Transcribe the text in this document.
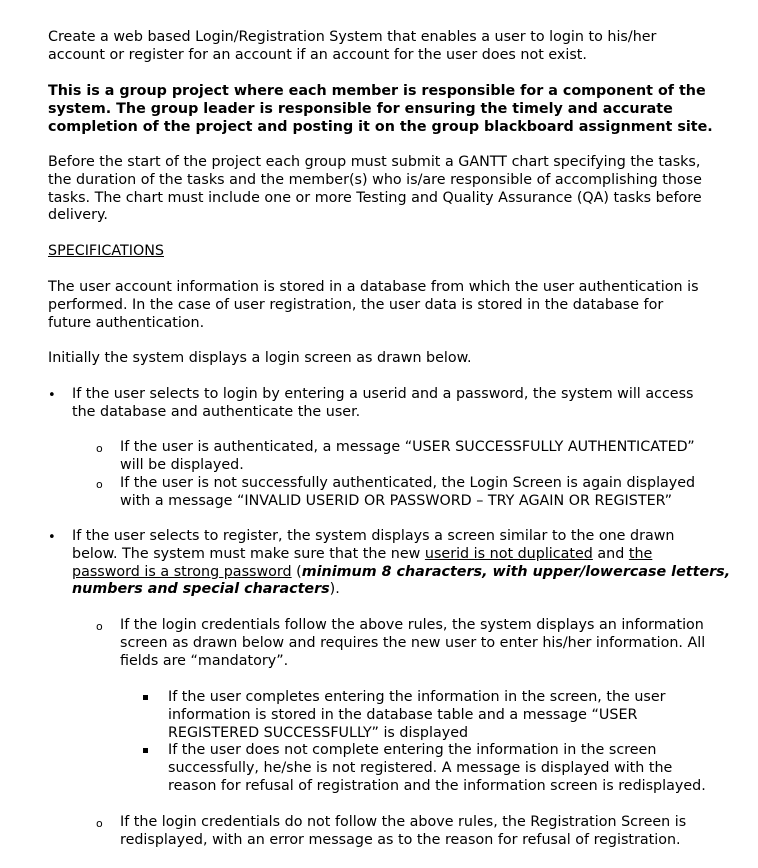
Create a web based Login/Registration System that enables a user to login to his/her
account or register for an account if an account for the user does not exist.

This is a group project where each member is responsible for a component of the
system. The group leader is responsible for ensuring the timely and accurate
completion of the project and posting it on the group blackboard assignment site.

Before the start of the project each group must submit a GANTT chart specifying the tasks,
the duration of the tasks and the member(s) who is/are responsible of accomplishing those
tasks. The chart must include one or more Testing and Quality Assurance (QA) tasks before
delivery.

SPECIFICATIONS

The user account information is stored in a database from which the user authentication is
performed. In the case of user registration, the user data is stored in the database for
future authentication.

Initially the system displays a login screen as drawn below.

• If the user selects to login by entering a userid and a password, the system will access
the database and authenticate the user.

o If the user is authenticated, a message “USER SUCCESSFULLY AUTHENTICATED”
will be displayed.

o If the user is not successfully authenticated, the Login Screen is again displayed
with a message “INVALID USERID OR PASSWORD – TRY AGAIN OR REGISTER”

• If the user selects to register, the system displays a screen similar to the one drawn
below. The system must make sure that the new userid is not duplicated and the
password is a strong password (minimum 8 characters, with upper/lowercase letters,
numbers and special characters).

o If the login credentials follow the above rules, the system displays an information
screen as drawn below and requires the new user to enter his/her information. All
fields are “mandatory”.

If the user completes entering the information in the screen, the user
information is stored in the database table and a message “USER
REGISTERED SUCCESSFULLY” is displayed

If the user does not complete entering the information in the screen
successfully, he/she is not registered. A message is displayed with the
reason for refusal of registration and the information screen is redisplayed.

o If the login credentials do not follow the above rules, the Registration Screen is
redisplayed, with an error message as to the reason for refusal of registration.
